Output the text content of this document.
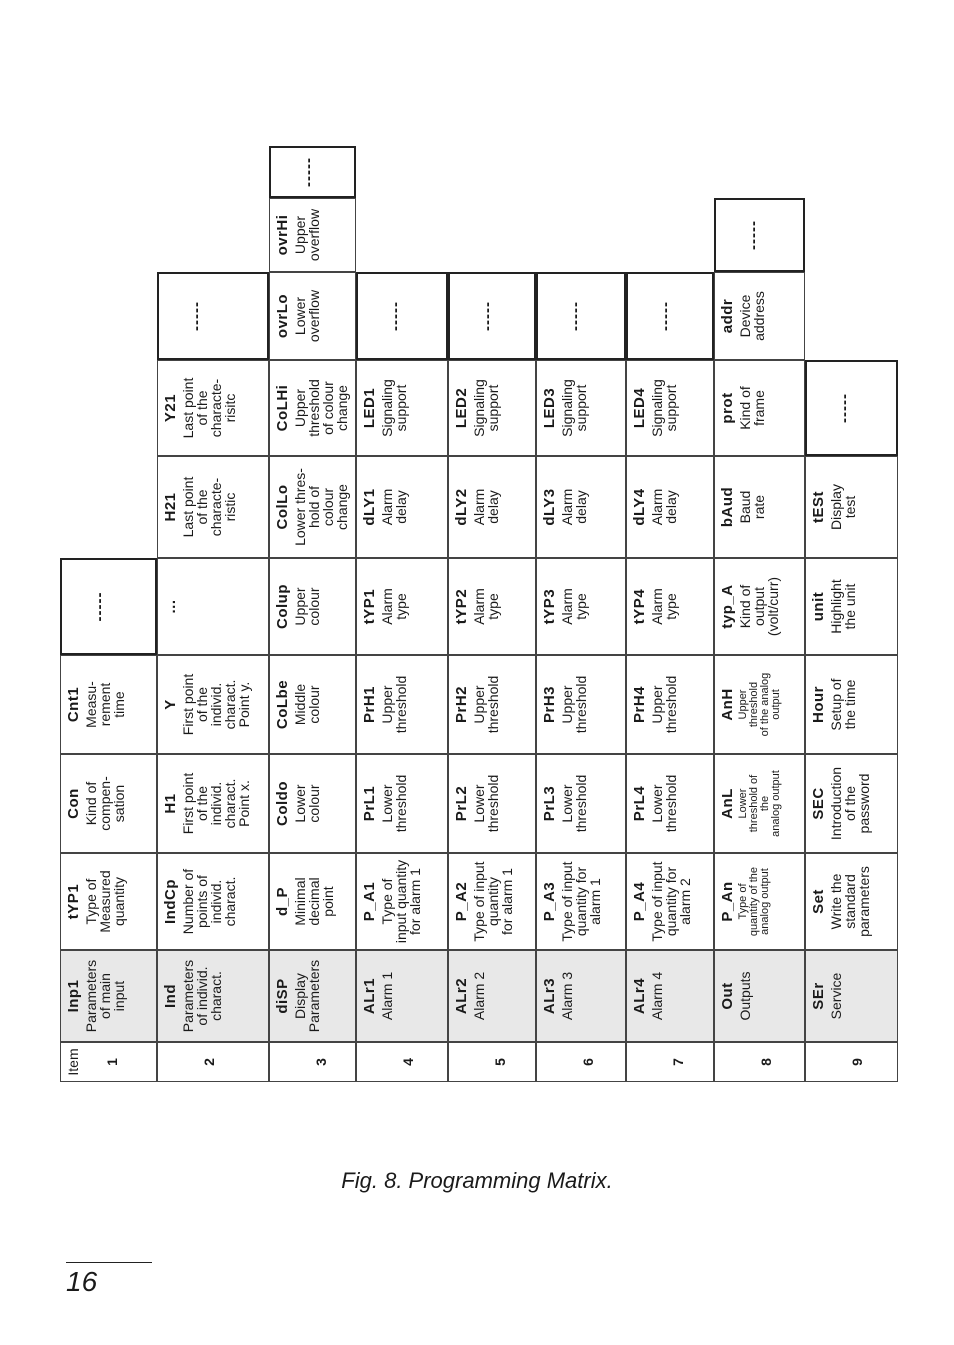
Item 1
Inp1 Parameters
of main
input
tYP1 Type of
Measured
quantity
Con Kind of
compen-
sation
Cnt1 Measu-
rement
time
-----
2
Ind Parameters
of individ.
charact.
IndCp Number of
points of
individ.
charact.
H1
First point
of the
individ.
charact.
Point x.
Y
First point
of the
individ.
charact.
Point y.
...
H21
Last point
of the
characte-
ristic
Y21
Last point
of the
characte-
risitc
-----
3
diSP Display
Parameters
d_P Minimal
decimal
point
Coldo Lower
colour
CoLbe Middle
colour
Colup Upper
colour
ColLo Lower thres-
hold of
colour
change
CoLHi Upper
threshold
of colour
change
ovrLo Lower
overflow
ovrHi Upper
overflow
-----
4
ALr1 Alarm 1
P_A1 Type of
input quantity
for alarm 1
PrL1 Lower
threshold
PrH1 Upper
threshold
tYP1 Alarm
type
dLY1 Alarm
delay
LED1 Signaling
support
-----
5
ALr2 Alarm 2
P_A2
Type of input
quantity
for alarm 1
PrL2 Lower
threshold
PrH2 Upper
threshold
tYP2 Alarm
type
dLY2 Alarm
delay
LED2 Signaling
support
-----
6
ALr3 Alarm 3
P_A3
Type of input
quantity for
alarm 1
PrL3 Lower
threshold
PrH3 Upper
threshold
tYP3 Alarm
type
dLY3 Alarm
delay
LED3 Signaling
support
-----
7
ALr4 Alarm 4
P_A4
Type of input
quantity for
alarm 2
PrL4 Lower
threshold
PrH4 Upper
threshold
tYP4 Alarm
type
dLY4 Alarm
delay
LED4 Signaling
support
-----
8
Out Outputs
P_An Type of
quantity of the
analog output
AnL Lower
threshold of
the
analog output
AnH Upper
threshold
of the analog
output
typ_A Kind of
output
(volt/curr)
bAud Baud
rate
prot Kind of
frame
addr Device
address
-----
9
SEr Service
Set Write the
standard
parameters
SEC Introduction
of the
password
Hour Setup of
the time
unit Highlight
the unit
tESt Display
test
-----
Fig. 8. Programming Matrix.
16
